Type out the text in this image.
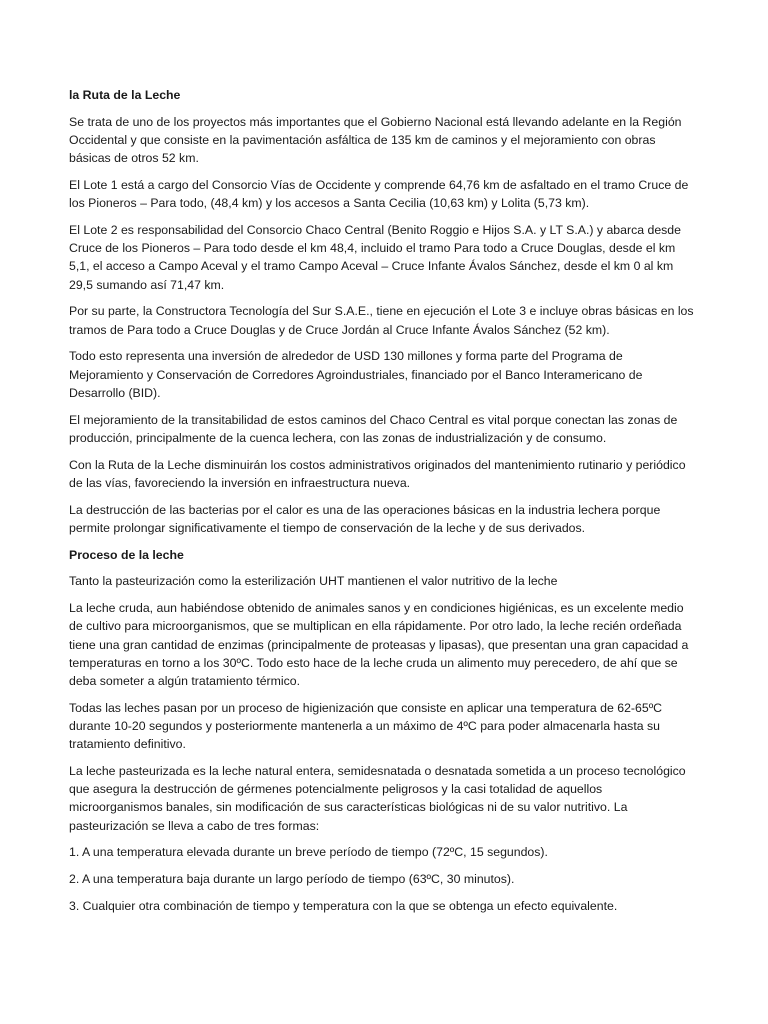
la Ruta de la Leche

Se trata de uno de los proyectos más importantes que el Gobierno Nacional está llevando adelante en la Región Occidental y que consiste en la pavimentación asfáltica de 135 km de caminos y el mejoramiento con obras básicas de otros 52 km.

El Lote 1 está a cargo del Consorcio Vías de Occidente y comprende 64,76 km de asfaltado en el tramo Cruce de los Pioneros – Para todo, (48,4 km) y los accesos a Santa Cecilia (10,63 km) y Lolita (5,73 km).

El Lote 2 es responsabilidad del Consorcio Chaco Central (Benito Roggio e Hijos S.A. y LT S.A.) y abarca desde Cruce de los Pioneros – Para todo desde el km 48,4, incluido el tramo Para todo a Cruce Douglas, desde el km 5,1, el acceso a Campo Aceval y el tramo Campo Aceval – Cruce Infante Ávalos Sánchez, desde el km 0 al km 29,5 sumando así 71,47 km.

Por su parte, la Constructora Tecnología del Sur S.A.E., tiene en ejecución el Lote 3 e incluye obras básicas en los tramos de Para todo a Cruce Douglas y de Cruce Jordán al Cruce Infante Ávalos Sánchez (52 km).

Todo esto representa una inversión de alrededor de USD 130 millones y forma parte del Programa de Mejoramiento y Conservación de Corredores Agroindustriales, financiado por el Banco Interamericano de Desarrollo (BID).

El mejoramiento de la transitabilidad de estos caminos del Chaco Central es vital porque conectan las zonas de producción, principalmente de la cuenca lechera, con las zonas de industrialización y de consumo.

Con la Ruta de la Leche disminuirán los costos administrativos originados del mantenimiento rutinario y periódico de las vías, favoreciendo la inversión en infraestructura nueva.

La destrucción de las bacterias por el calor es una de las operaciones básicas en la industria lechera porque permite prolongar significativamente el tiempo de conservación de la leche y de sus derivados.

Proceso de la leche

Tanto la pasteurización como la esterilización UHT mantienen el valor nutritivo de la leche

La leche cruda, aun habiéndose obtenido de animales sanos y en condiciones higiénicas, es un excelente medio de cultivo para microorganismos, que se multiplican en ella rápidamente. Por otro lado, la leche recién ordeñada tiene una gran cantidad de enzimas (principalmente de proteasas y lipasas), que presentan una gran capacidad a temperaturas en torno a los 30ºC. Todo esto hace de la leche cruda un alimento muy perecedero, de ahí que se deba someter a algún tratamiento térmico.

Todas las leches pasan por un proceso de higienización que consiste en aplicar una temperatura de 62-65ºC durante 10-20 segundos y posteriormente mantenerla a un máximo de 4ºC para poder almacenarla hasta su tratamiento definitivo.

La leche pasteurizada es la leche natural entera, semidesnatada o desnatada sometida a un proceso tecnológico que asegura la destrucción de gérmenes potencialmente peligrosos y la casi totalidad de aquellos microorganismos banales, sin modificación de sus características biológicas ni de su valor nutritivo. La pasteurización se lleva a cabo de tres formas:

1. A una temperatura elevada durante un breve período de tiempo (72ºC, 15 segundos).

2. A una temperatura baja durante un largo período de tiempo (63ºC, 30 minutos).

3. Cualquier otra combinación de tiempo y temperatura con la que se obtenga un efecto equivalente.
